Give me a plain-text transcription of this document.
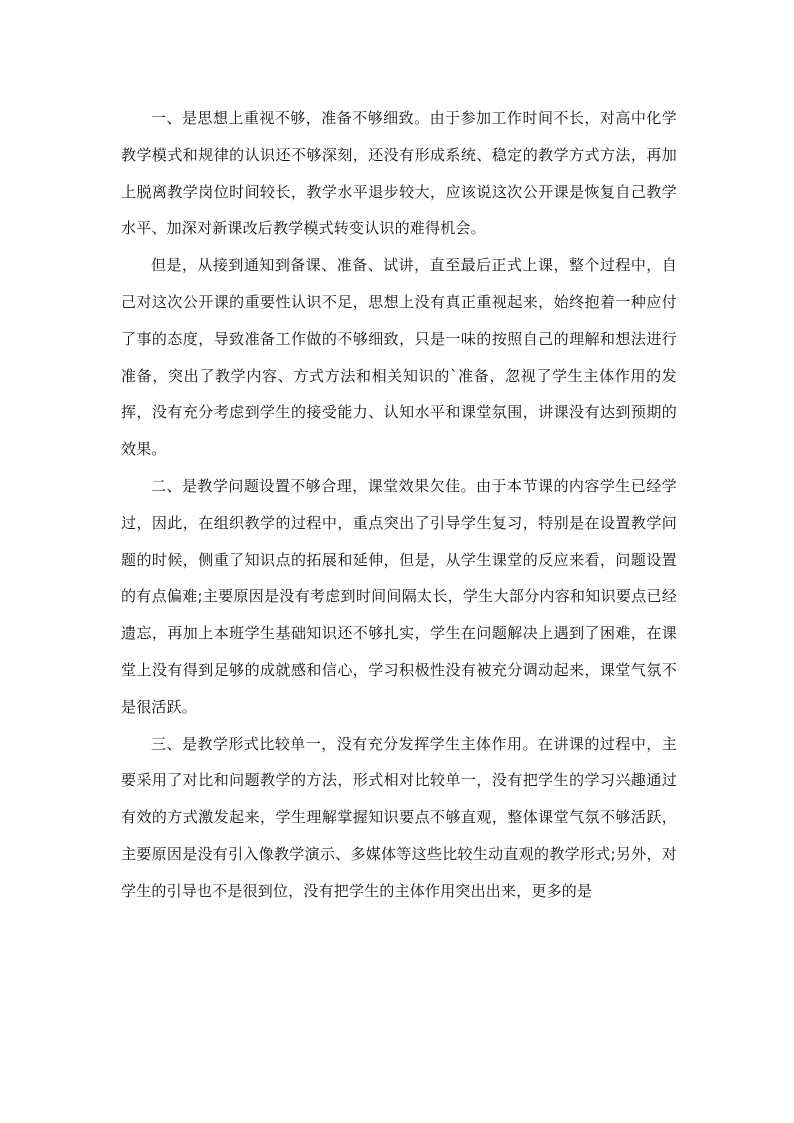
一、是思想上重视不够，准备不够细致。由于参加工作时间不长，对高中化学教学模式和规律的认识还不够深刻，还没有形成系统、稳定的教学方式方法，再加上脱离教学岗位时间较长，教学水平退步较大，应该说这次公开课是恢复自己教学水平、加深对新课改后教学模式转变认识的难得机会。

但是，从接到通知到备课、准备、试讲，直至最后正式上课，整个过程中，自己对这次公开课的重要性认识不足，思想上没有真正重视起来，始终抱着一种应付了事的态度，导致准备工作做的不够细致，只是一味的按照自己的理解和想法进行准备，突出了教学内容、方式方法和相关知识的`准备，忽视了学生主体作用的发挥，没有充分考虑到学生的接受能力、认知水平和课堂氛围，讲课没有达到预期的效果。

二、是教学问题设置不够合理，课堂效果欠佳。由于本节课的内容学生已经学过，因此，在组织教学的过程中，重点突出了引导学生复习，特别是在设置教学问题的时候，侧重了知识点的拓展和延伸，但是，从学生课堂的反应来看，问题设置的有点偏难;主要原因是没有考虑到时间间隔太长，学生大部分内容和知识要点已经遗忘，再加上本班学生基础知识还不够扎实，学生在问题解决上遇到了困难，在课堂上没有得到足够的成就感和信心，学习积极性没有被充分调动起来，课堂气氛不是很活跃。

三、是教学形式比较单一，没有充分发挥学生主体作用。在讲课的过程中，主要采用了对比和问题教学的方法，形式相对比较单一，没有把学生的学习兴趣通过有效的方式激发起来，学生理解掌握知识要点不够直观，整体课堂气氛不够活跃，主要原因是没有引入像教学演示、多媒体等这些比较生动直观的教学形式;另外，对学生的引导也不是很到位，没有把学生的主体作用突出出来，更多的是
